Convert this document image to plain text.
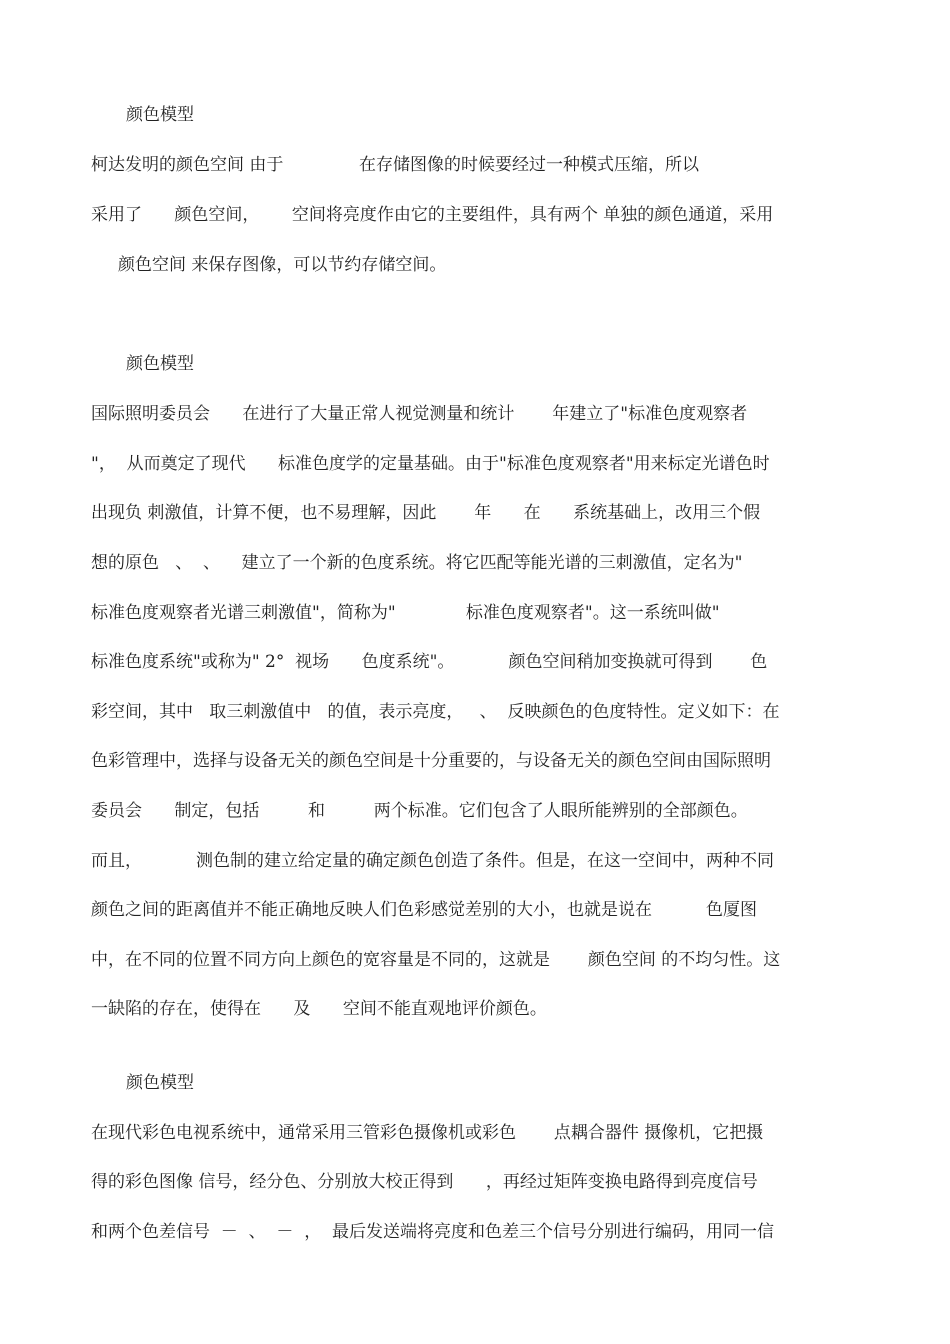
颜色模型
柯达发明的颜色空间 由于              在存储图像的时候要经过一种模式压缩，所以
采用了      颜色空间，      空间将亮度作由它的主要组件，具有两个 单独的颜色通道，采用
颜色空间 来保存图像，可以节约存储空间。
颜色模型
国际照明委员会      在进行了大量正常人视觉测量和统计       年建立了"标准色度观察者
"，  从而奠定了现代      标准色度学的定量基础。由于"标准色度观察者"用来标定光谱色时
出现负 刺激值，计算不便，也不易理解，因此       年      在      系统基础上，改用三个假
想的原色   、  、    建立了一个新的色度系统。将它匹配等能光谱的三刺激值，定名为"
标准色度观察者光谱三刺激值"，简称为"             标准色度观察者"。这一系统叫做"
标准色度系统"或称为" 2°  视场      色度系统"。          颜色空间稍加变换就可得到       色
彩空间，其中   取三刺激值中   的值，表示亮度，   、  反映颜色的色度特性。定义如下：在
色彩管理中，选择与设备无关的颜色空间是十分重要的，与设备无关的颜色空间由国际照明
委员会      制定，包括         和         两个标准。它们包含了人眼所能辨别的全部颜色。
而且，          测色制的建立给定量的确定颜色创造了条件。但是，在这一空间中，两种不同
颜色之间的距离值并不能正确地反映人们色彩感觉差别的大小，也就是说在          色厦图
中，在不同的位置不同方向上颜色的宽容量是不同的，这就是       颜色空间 的不均匀性。这
一缺陷的存在，使得在      及      空间不能直观地评价颜色。
颜色模型
在现代彩色电视系统中，通常采用三管彩色摄像机或彩色       点耦合器件 摄像机，它把摄
得的彩色图像 信号，经分色、分别放大校正得到      ，再经过矩阵变换电路得到亮度信号
和两个色差信号  －  、  －  ，  最后发送端将亮度和色差三个信号分别进行编码，用同一信
